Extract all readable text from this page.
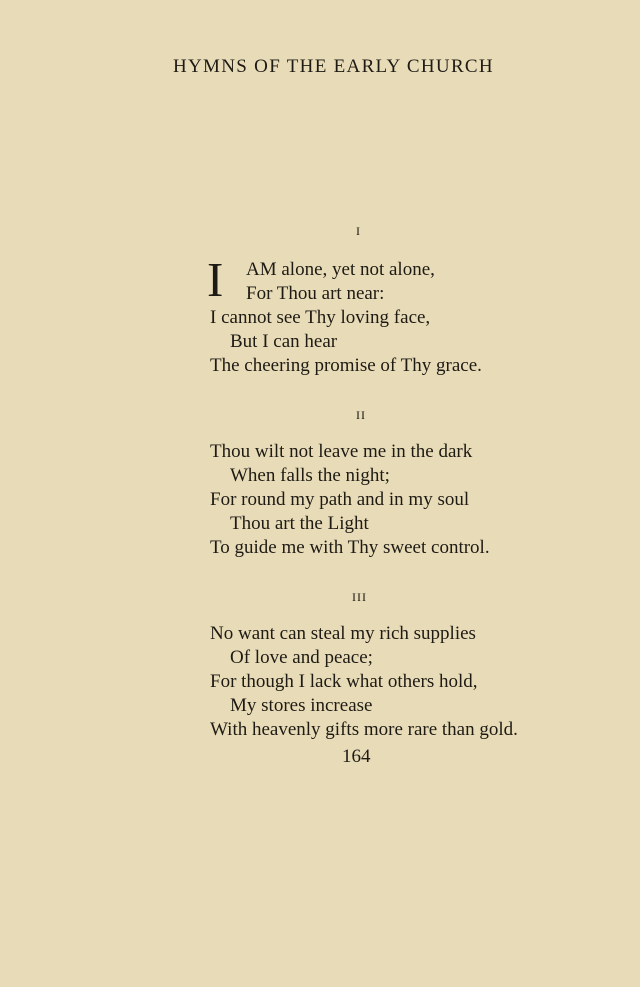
HYMNS OF THE EARLY CHURCH
I
I AM alone, yet not alone,
For Thou art near:
I cannot see Thy loving face,
But I can hear
The cheering promise of Thy grace.
II
Thou wilt not leave me in the dark
When falls the night;
For round my path and in my soul
Thou art the Light
To guide me with Thy sweet control.
III
No want can steal my rich supplies
Of love and peace;
For though I lack what others hold,
My stores increase
With heavenly gifts more rare than gold.
164
